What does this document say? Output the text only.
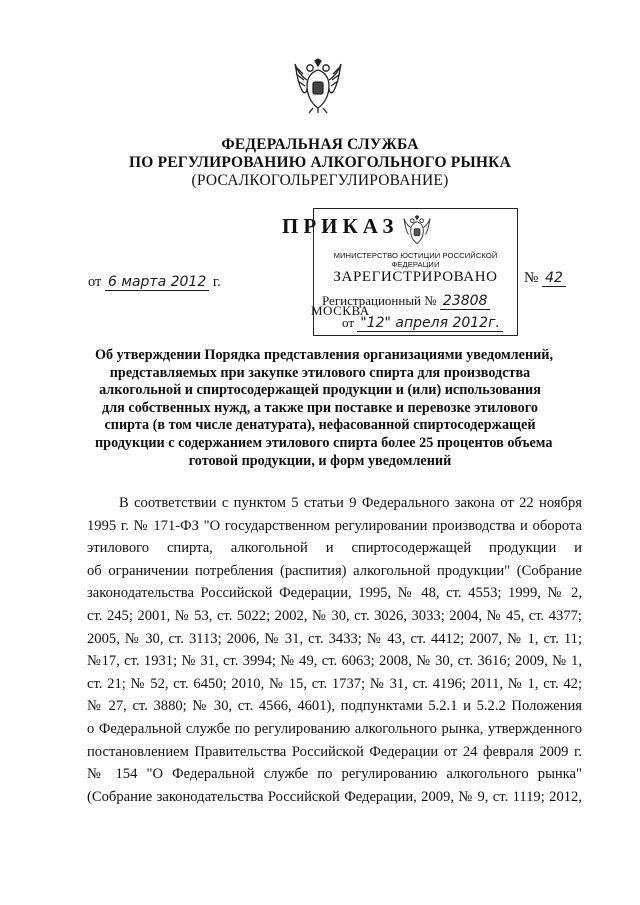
ФЕДЕРАЛЬНАЯ СЛУЖБА
ПО РЕГУЛИРОВАНИЮ АЛКОГОЛЬНОГО РЫНКА
(РОСАЛКОГОЛЬРЕГУЛИРОВАНИЕ)
ПРИКАЗ
от 6 марта 2012 г.	№ 42
МИНИСТЕРСТВО ЮСТИЦИИ РОССИЙСКОЙ ФЕДЕРАЦИИ
ЗАРЕГИСТРИРОВАНО
Регистрационный № 23808
от "12" апреля 2012г.
МОСКВА
Об утверждении Порядка представления организациями уведомлений,
представляемых при закупке этилового спирта для производства
алкогольной и спиртосодержащей продукции и (или) использования
для собственных нужд, а также при поставке и перевозке этилового
спирта (в том числе денатурата), нефасованной спиртосодержащей
продукции с содержанием этилового спирта более 25 процентов объема
готовой продукции, и форм уведомлений
В соответствии с пунктом 5 статьи 9 Федерального закона от 22 ноября
1995 г. № 171-ФЗ "О государственном регулировании производства и оборота
этилового спирта, алкогольной и спиртосодержащей продукции и
об ограничении потребления (распития) алкогольной продукции" (Собрание
законодательства Российской Федерации, 1995, № 48, ст. 4553; 1999, № 2,
ст. 245; 2001, № 53, ст. 5022; 2002, № 30, ст. 3026, 3033; 2004, № 45, ст. 4377;
2005, № 30, ст. 3113; 2006, № 31, ст. 3433; № 43, ст. 4412; 2007, № 1, ст. 11;
№17, ст. 1931; № 31, ст. 3994; № 49, ст. 6063; 2008, № 30, ст. 3616; 2009, № 1,
ст. 21; № 52, ст. 6450; 2010, № 15, ст. 1737; № 31, ст. 4196; 2011, № 1, ст. 42;
№ 27, ст. 3880; № 30, ст. 4566, 4601), подпунктами 5.2.1 и 5.2.2 Положения
о Федеральной службе по регулированию алкогольного рынка, утвержденного
постановлением Правительства Российской Федерации от 24 февраля 2009 г.
№ 154 "О Федеральной службе по регулированию алкогольного рынка"
(Собрание законодательства Российской Федерации, 2009, № 9, ст. 1119; 2012,
